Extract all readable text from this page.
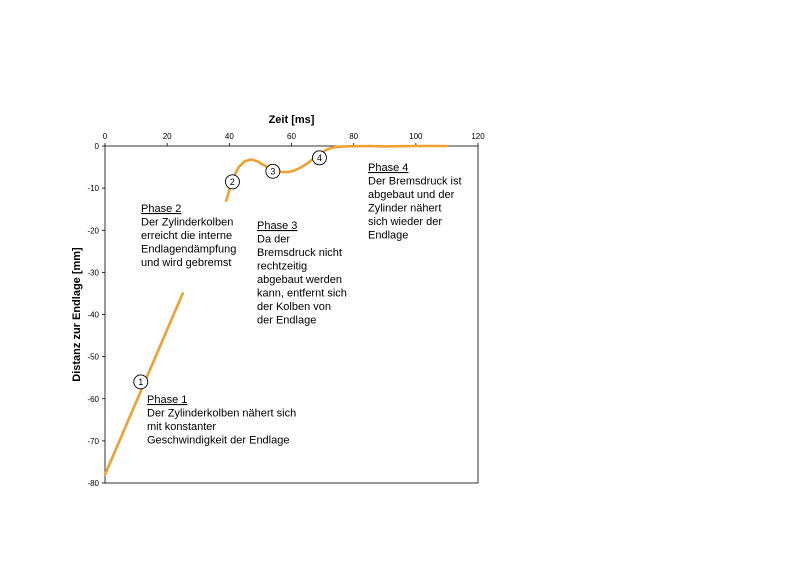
Zeit [ms]
Distanz zur Endlage [mm]
0	20	40	60	80	100	120
0
-10
-20
-30
-40
-50
-60
-70
-80
1
2
3
4
Phase 1
Der Zylinderkolben nähert sich
mit konstanter
Geschwindigkeit der Endlage
Phase 2
Der Zylinderkolben
erreicht die interne
Endlagendämpfung
und wird gebremst
Phase 3
Da der
Bremsdruck nicht
rechtzeitig
abgebaut werden
kann, entfernt sich
der Kolben von
der Endlage
Phase 4
Der Bremsdruck ist
abgebaut und der
Zylinder nähert
sich wieder der
Endlage
